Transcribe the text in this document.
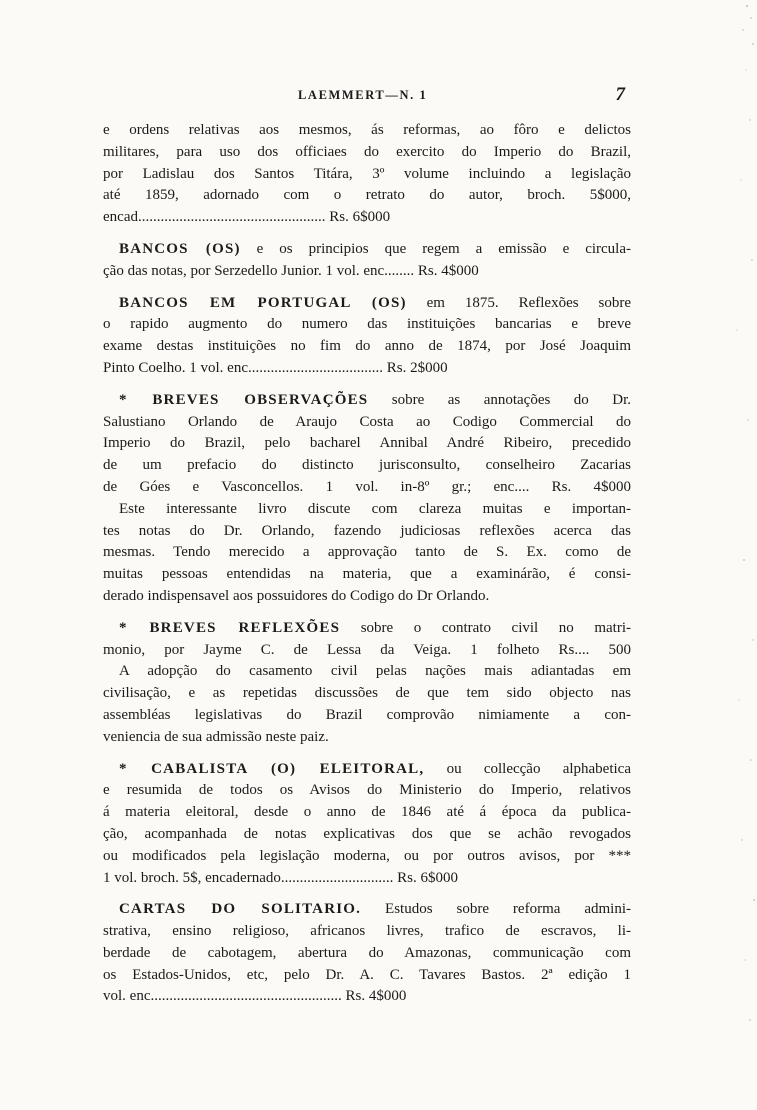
LAEMMERT—N. 1	7
e ordens relativas aos mesmos, ás reformas, ao fôro e delictos
militares, para uso dos officiaes do exercito do Imperio do Brazil,
por Ladislau dos Santos Titára, 3º volume incluindo a legislação
até 1859, adornado com o retrato do autor, broch. 5$000,
encad.................................................. Rs. 6$000
BANCOS (OS) e os principios que regem a emissão e circula-
ção das notas, por Serzedello Junior. 1 vol. enc........ Rs. 4$000
BANCOS EM PORTUGAL (OS) em 1875. Reflexões sobre
o rapido augmento do numero das instituições bancarias e breve
exame destas instituições no fim do anno de 1874, por José Joaquim
Pinto Coelho. 1 vol. enc.................................... Rs. 2$000
* BREVES OBSERVAÇÕES sobre as annotações do Dr.
Salustiano Orlando de Araujo Costa ao Codigo Commercial do
Imperio do Brazil, pelo bacharel Annibal André Ribeiro, precedido
de um prefacio do distincto jurisconsulto, conselheiro Zacarias
de Góes e Vasconcellos. 1 vol. in-8º gr.; enc.... Rs. 4$000
Este interessante livro discute com clareza muitas e importan-
tes notas do Dr. Orlando, fazendo judiciosas reflexões acerca das
mesmas. Tendo merecido a approvação tanto de S. Ex. como de
muitas pessoas entendidas na materia, que a examinárão, é consi-
derado indispensavel aos possuidores do Codigo do Dr Orlando.
* BREVES REFLEXÕES sobre o contrato civil no matri-
monio, por Jayme C. de Lessa da Veiga. 1 folheto Rs.... 500
A adopção do casamento civil pelas nações mais adiantadas em
civilisação, e as repetidas discussões de que tem sido objecto nas
assembléas legislativas do Brazil comprovão nimiamente a con-
veniencia de sua admissão neste paiz.
* CABALISTA (O) ELEITORAL, ou collecção alphabetica
e resumida de todos os Avisos do Ministerio do Imperio, relativos
á materia eleitoral, desde o anno de 1846 até á época da publica-
ção, acompanhada de notas explicativas dos que se achão revogados
ou modificados pela legislação moderna, ou por outros avisos, por ***
1 vol. broch. 5$, encadernado.............................. Rs. 6$000
CARTAS DO SOLITARIO. Estudos sobre reforma admini-
strativa, ensino religioso, africanos livres, trafico de escravos, li-
berdade de cabotagem, abertura do Amazonas, communicação com
os Estados-Unidos, etc, pelo Dr. A. C. Tavares Bastos. 2ª edição 1
vol. enc................................................... Rs. 4$000
